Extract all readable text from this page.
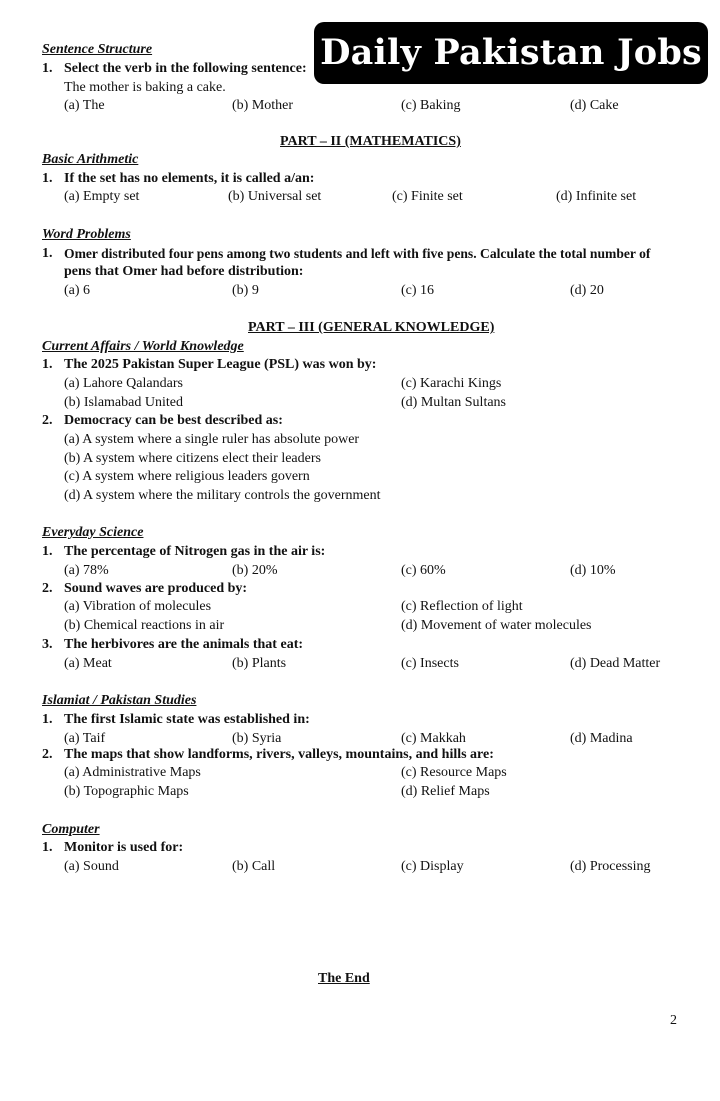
Daily Pakistan Jobs
Sentence Structure
1. Select the verb in the following sentence:
The mother is baking a cake.
(a) The	(b) Mother	(c) Baking	(d) Cake
PART – II (MATHEMATICS)
Basic Arithmetic
1. If the set has no elements, it is called a/an:
(a) Empty set	(b) Universal set	(c) Finite set	(d) Infinite set
Word Problems
1. Omer distributed four pens among two students and left with five pens. Calculate the total number of
pens that Omer had before distribution:
(a) 6	(b) 9	(c) 16	(d) 20
PART – III (GENERAL KNOWLEDGE)
Current Affairs / World Knowledge
1. The 2025 Pakistan Super League (PSL) was won by:
(a) Lahore Qalandars
(b) Islamabad United
(c) Karachi Kings
(d) Multan Sultans
2. Democracy can be best described as:
(a) A system where a single ruler has absolute power
(b) A system where citizens elect their leaders
(c) A system where religious leaders govern
(d) A system where the military controls the government
Everyday Science
1. The percentage of Nitrogen gas in the air is:
(a) 78%	(b) 20%	(c) 60%	(d) 10%
2. Sound waves are produced by:
(a) Vibration of molecules
(b) Chemical reactions in air
(c) Reflection of light
(d) Movement of water molecules
3. The herbivores are the animals that eat:
(a) Meat	(b) Plants	(c) Insects	(d) Dead Matter
Islamiat / Pakistan Studies
1. The first Islamic state was established in:
(a) Taif	(b) Syria	(c) Makkah	(d) Madina
2. The maps that show landforms, rivers, valleys, mountains, and hills are:
(a) Administrative Maps
(b) Topographic Maps
(c) Resource Maps
(d) Relief Maps
Computer
1. Monitor is used for:
(a) Sound	(b) Call	(c) Display	(d) Processing
The End
2
